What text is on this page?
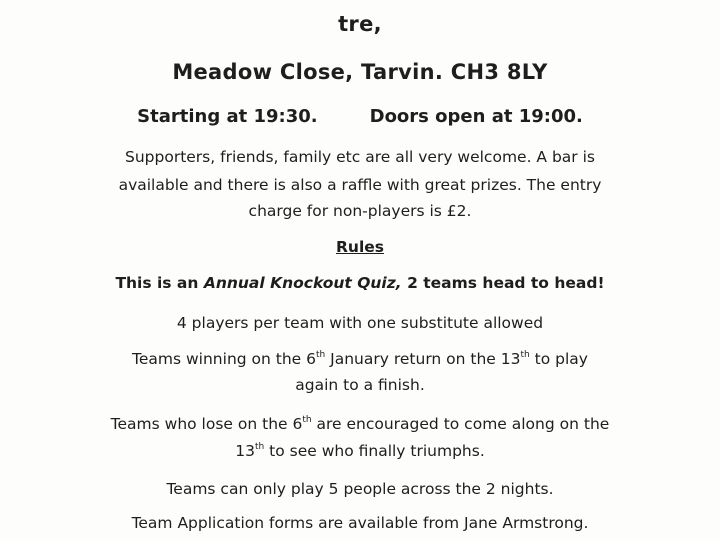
tre,
Meadow Close, Tarvin. CH3 8LY
Starting at 19:30.	Doors open at 19:00.
Supporters, friends, family etc are all very welcome. A bar is
available and there is also a raffle with great prizes. The entry
charge for non-players is £2.
Rules
This is an Annual Knockout Quiz, 2 teams head to head!
4 players per team with one substitute allowed
Teams winning on the 6th January return on the 13th to play
again to a finish.
Teams who lose on the 6th are encouraged to come along on the
13th to see who finally triumphs.
Teams can only play 5 people across the 2 nights.
Team Application forms are available from Jane Armstrong.
